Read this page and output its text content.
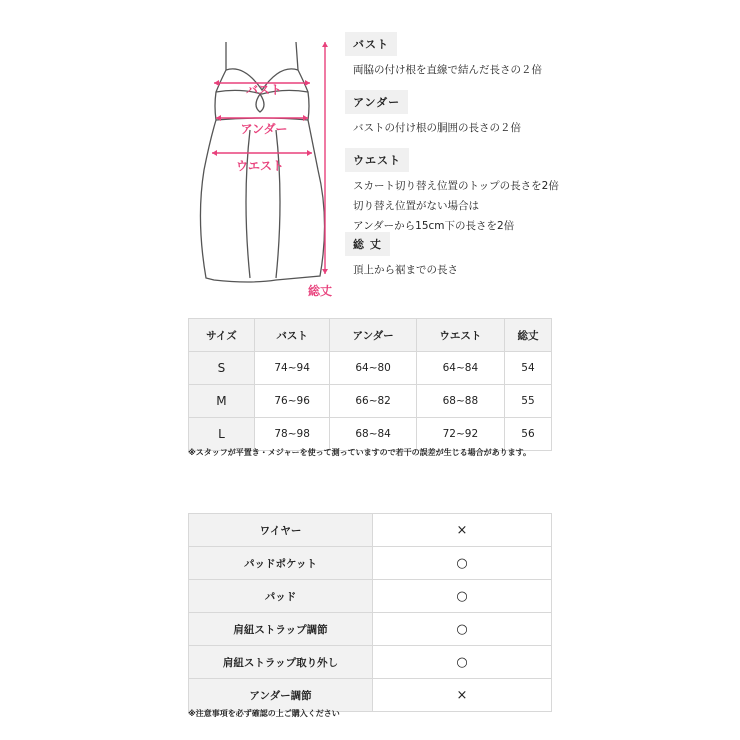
バスト
アンダー
ウエスト
総丈
バスト
両脇の付け根を直線で結んだ長さの２倍
アンダー
バストの付け根の胴囲の長さの２倍
ウエスト
スカート切り替え位置のトップの長さを2倍
切り替え位置がない場合は
アンダーから15cm下の長さを2倍
総 丈
頂上から裾までの長さ
サイズ	バスト	アンダー	ウエスト	総丈
S	74~94	64~80	64~84	54
M	76~96	66~82	68~88	55
L	78~98	68~84	72~92	56
※スタッフが平置き・メジャーを使って測っていますので若干の誤差が生じる場合があります。
ワイヤー	×
パッドポケット	○
パッド	○
肩紐ストラップ調節	○
肩紐ストラップ取り外し	○
アンダー調節	×
※注意事項を必ず確認の上ご購入ください
